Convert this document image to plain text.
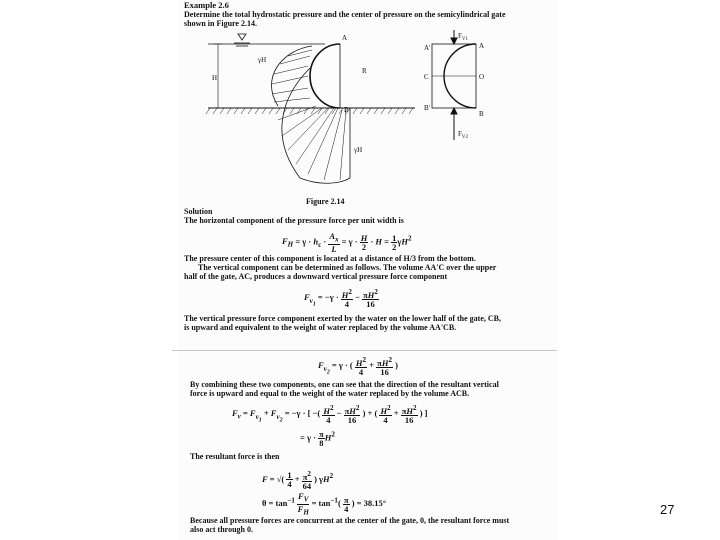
Example 2.6
Determine the total hydrostatic pressure and the center of pressure on the semicylindrical gate
shown in Figure 2.14.
H
A
B
R
γH
γH
$F_{V1}$
$F_{V2}$
A
O
B
A'
C
B'
Figure 2.14
Solution
The horizontal component of the pressure force per unit width is
$F_H = \gamma \cdot h_c \cdot \frac{A_x}{L} = \gamma \cdot \frac{H}{2} \cdot H = \frac{1}{2} \gamma H^2$
The pressure center of this component is located at a distance of H/3 from the bottom.
The vertical component can be determined as follows. The volume AA'C over the upper
half of the gate, AC, produces a downward vertical pressure force component
$F_{v_1} = -\gamma \cdot \frac{H^2}{4} - \frac{\pi H^2}{16}$
The vertical pressure force component exerted by the water on the lower half of the gate, CB,
is upward and equivalent to the weight of water replaced by the volume AA'CB.
$F_{v_2} = \gamma$ · ( $\frac{H^2}{4} + \frac{\pi H^2}{16}$ )
By combining these two components, one can see that the direction of the resultant vertical
force is upward and equal to the weight of the water replaced by the volume ACB.
$F_v = F_{v_1} + F_{v_2} = -\gamma$ · [ −( $\frac{H^2}{4} - \frac{\pi H^2}{16}$ ) + ( $\frac{H^2}{4} + \frac{\pi H^2}{16}$ ) ]
= $\gamma \cdot \frac{\pi}{8} H^2$
The resultant force is then
F = √( $\frac{1}{4} + \frac{\pi^2}{64}$ ) $\gamma H^2$
$\theta = \tan^{-1} \frac{F_V}{F_H} = \tan^{-1}( \frac{\pi}{4}$ ) = 38.15°
Because all pressure forces are concurrent at the center of the gate, 0, the resultant force must
also act through 0.
27
